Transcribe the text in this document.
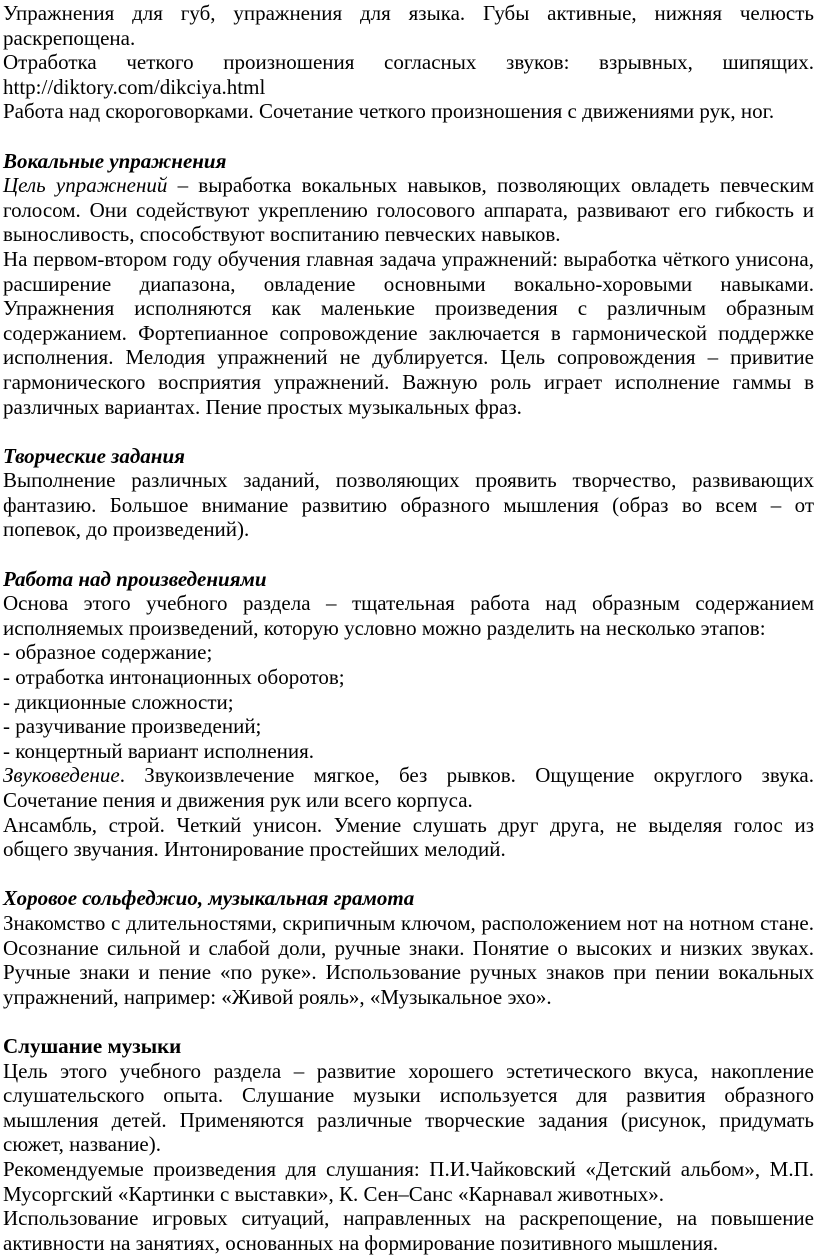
Упражнения для губ, упражнения для языка. Губы активные, нижняя челюсть раскрепощена.
Отработка четкого произношения согласных звуков: взрывных, шипящих. http://diktory.com/dikciya.html
Работа над скороговорками. Сочетание четкого произношения с движениями рук, ног.
Вокальные упражнения
Цель упражнений – выработка вокальных навыков, позволяющих овладеть певческим голосом. Они содействуют укреплению голосового аппарата, развивают его гибкость и выносливость, способствуют воспитанию певческих навыков.
На первом-втором году обучения главная задача упражнений: выработка чёткого унисона, расширение диапазона, овладение основными вокально-хоровыми навыками. Упражнения исполняются как маленькие произведения с различным образным содержанием. Фортепианное сопровождение заключается в гармонической поддержке исполнения. Мелодия упражнений не дублируется. Цель сопровождения – привитие гармонического восприятия упражнений. Важную роль играет исполнение гаммы в различных вариантах. Пение простых музыкальных фраз.
Творческие задания
Выполнение различных заданий, позволяющих проявить творчество, развивающих фантазию. Большое внимание развитию образного мышления (образ во всем – от попевок, до произведений).
Работа над произведениями
Основа этого учебного раздела – тщательная работа над образным содержанием исполняемых произведений, которую условно можно разделить на несколько этапов:
- образное содержание;
- отработка интонационных оборотов;
- дикционные сложности;
- разучивание произведений;
- концертный вариант исполнения.
Звуковедение. Звукоизвлечение мягкое, без рывков. Ощущение округлого звука. Сочетание пения и движения рук или всего корпуса.
Ансамбль, строй. Четкий унисон. Умение слушать друг друга, не выделяя голос из общего звучания. Интонирование простейших мелодий.
Хоровое сольфеджио, музыкальная грамота
Знакомство с длительностями, скрипичным ключом, расположением нот на нотном стане. Осознание сильной и слабой доли, ручные знаки. Понятие о высоких и низких звуках. Ручные знаки и пение «по руке». Использование ручных знаков при пении вокальных упражнений, например: «Живой рояль», «Музыкальное эхо».
Слушание музыки
Цель этого учебного раздела – развитие хорошего эстетического вкуса, накопление слушательского опыта. Слушание музыки используется для развития образного мышления детей. Применяются различные творческие задания (рисунок, придумать сюжет, название).
Рекомендуемые произведения для слушания: П.И.Чайковский «Детский альбом», М.П. Мусоргский «Картинки с выставки», К. Сен–Санс «Карнавал животных».
Использование игровых ситуаций, направленных на раскрепощение, на повышение активности на занятиях, основанных на формирование позитивного мышления.
